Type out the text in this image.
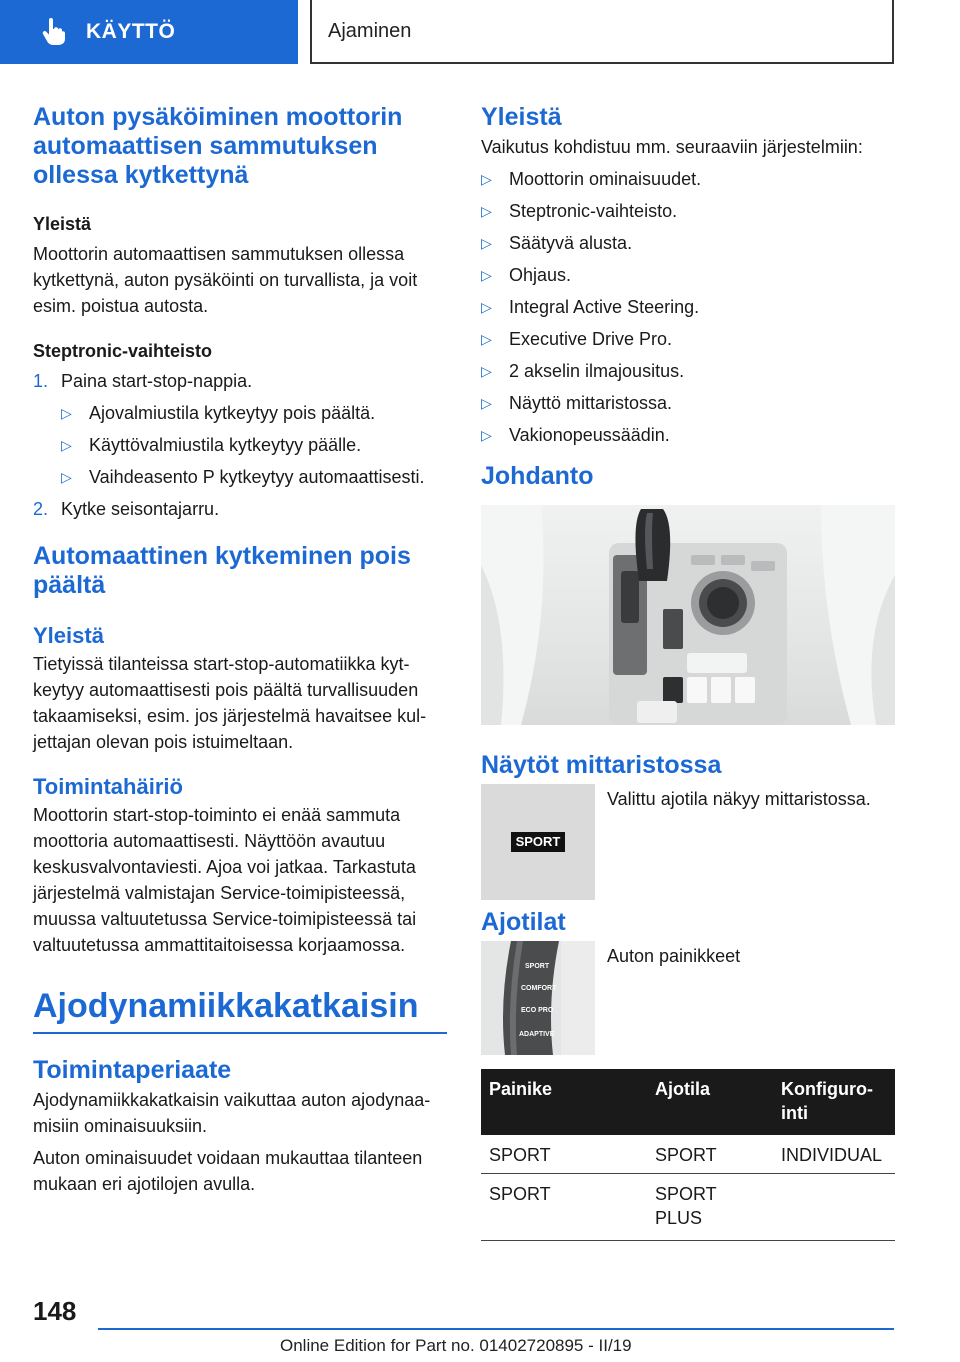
KÄYTTÖ	Ajaminen
Auton pysäköiminen moottorin automaattisen sammutuksen ollessa kytkettynä
Yleistä

Moottorin automaattisen sammutuksen ollessa kytkettynä, auton pysäköinti on turvallista, ja voit esim. poistua autosta.

Steptronic-vaihteisto
1. Paina start-stop-nappia.
▷ Ajovalmiustila kytkeytyy pois päältä.
▷ Käyttövalmiustila kytkeytyy päälle.
▷ Vaihdeasento P kytkeytyy automaattisesti.
2. Kytke seisontajarru.
Automaattinen kytkeminen pois päältä
Yleistä

Tietyissä tilanteissa start-stop-automatiikka kytkeytyy automaattisesti pois päältä turvallisuuden takaamiseksi, esim. jos järjestelmä havaitsee kuljettajan olevan pois istuimeltaan.

Toimintahäiriö

Moottorin start-stop-toiminto ei enää sammuta moottoria automaattisesti. Näyttöön avautuu keskusvalvontaviesti. Ajoa voi jatkaa. Tarkastuta järjestelmä valmistajan Service-toimipisteessä, muussa valtuutetussa Service-toimipisteessä tai valtuutetussa ammattitaitoisessa korjaamossa.

Ajodynamiikkakatkaisin
Toimintaperiaate

Ajodynamiikkakatkaisin vaikuttaa auton ajodynaamisiin ominaisuuksiin.

Auton ominaisuudet voidaan mukauttaa tilanteen mukaan eri ajotilojen avulla.

Yleistä

Vaikutus kohdistuu mm. seuraaviin järjestelmiin:

▷ Moottorin ominaisuudet.
▷ Steptronic-vaihteisto.
▷ Säätyvä alusta.
▷ Ohjaus.
▷ Integral Active Steering.
▷ Executive Drive Pro.
▷ 2 akselin ilmajousitus.
▷ Näyttö mittaristossa.
▷ Vakionopeussäädin.
Johdanto
Näytöt mittaristossa
SPORT
Valittu ajotila näkyy mittaristossa.
Ajotilat
SPORT
COMFORT
ECO PRO
ADAPTIVE
Auton painikkeet
Painike	Ajotila	Konfigurointi
SPORT	SPORT	INDIVIDUAL
SPORT	SPORT PLUS	
148
Online Edition for Part no. 01402720895 - II/19
